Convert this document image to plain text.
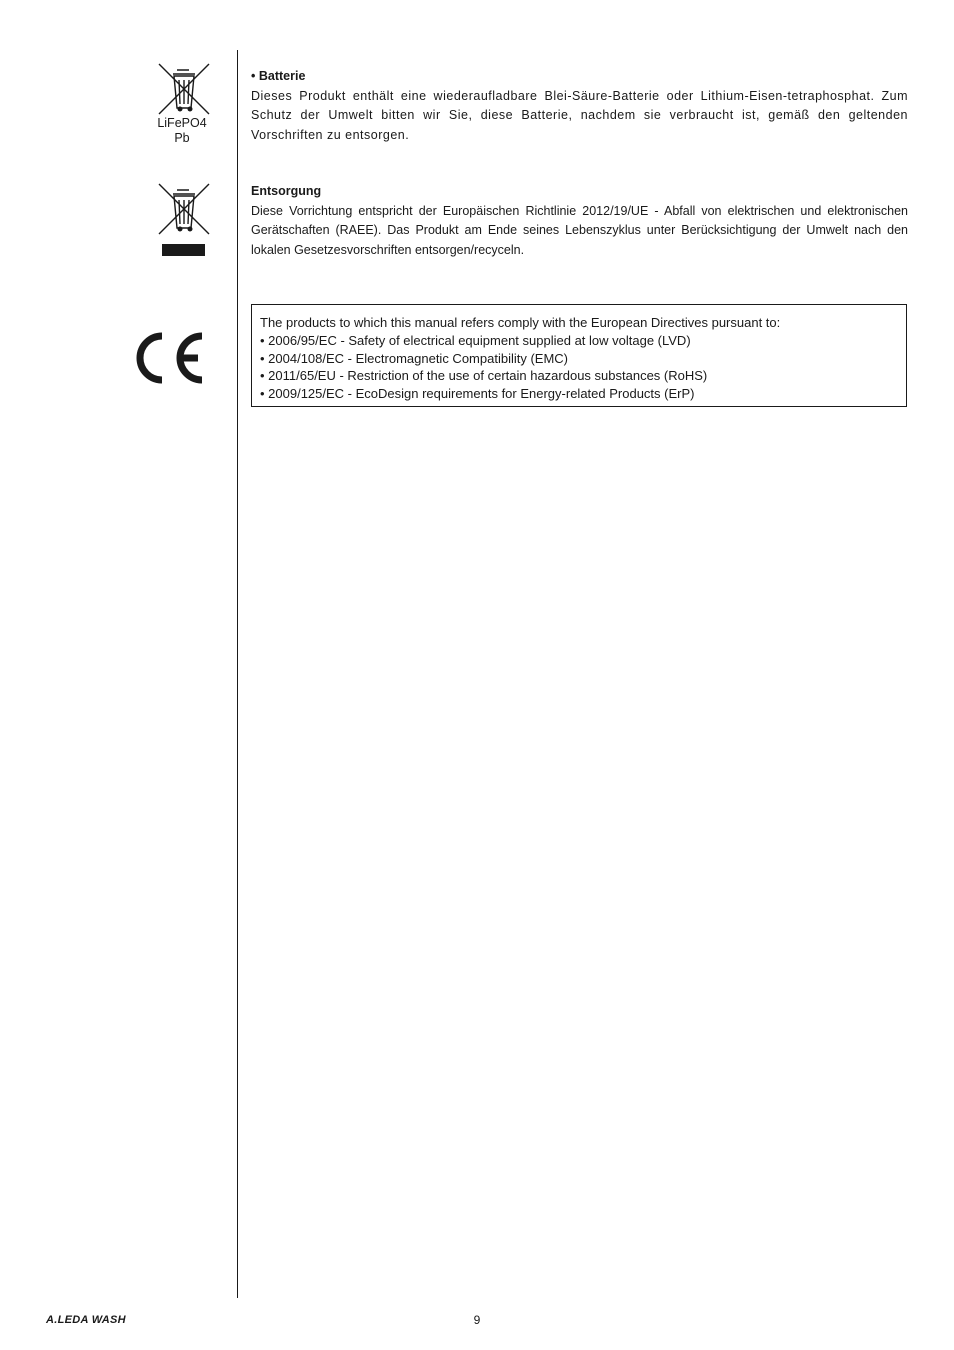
LiFePO4
Pb
• Batterie
Dieses Produkt enthält eine wiederaufladbare Blei-Säure-Batterie oder Lithium-Eisen-tetraphosphat. Zum Schutz der Umwelt bitten wir Sie, diese Batterie, nachdem sie verbraucht ist, gemäß den geltenden Vorschriften zu entsorgen.
Entsorgung
Diese Vorrichtung entspricht der Europäischen Richtlinie 2012/19/UE - Abfall von elektrischen und elektronischen Gerätschaften (RAEE). Das Produkt am Ende seines Lebenszyklus unter Berücksichtigung der Umwelt nach den lokalen Gesetzesvorschriften entsorgen/recyceln.
The products to which this manual refers comply with the European Directives pursuant to:
• 2006/95/EC - Safety of electrical equipment supplied at low voltage (LVD)
• 2004/108/EC - Electromagnetic Compatibility (EMC)
• 2011/65/EU - Restriction of the use of certain hazardous substances (RoHS)
• 2009/125/EC - EcoDesign requirements for Energy-related Products (ErP)
A.LEDA WASH	9
